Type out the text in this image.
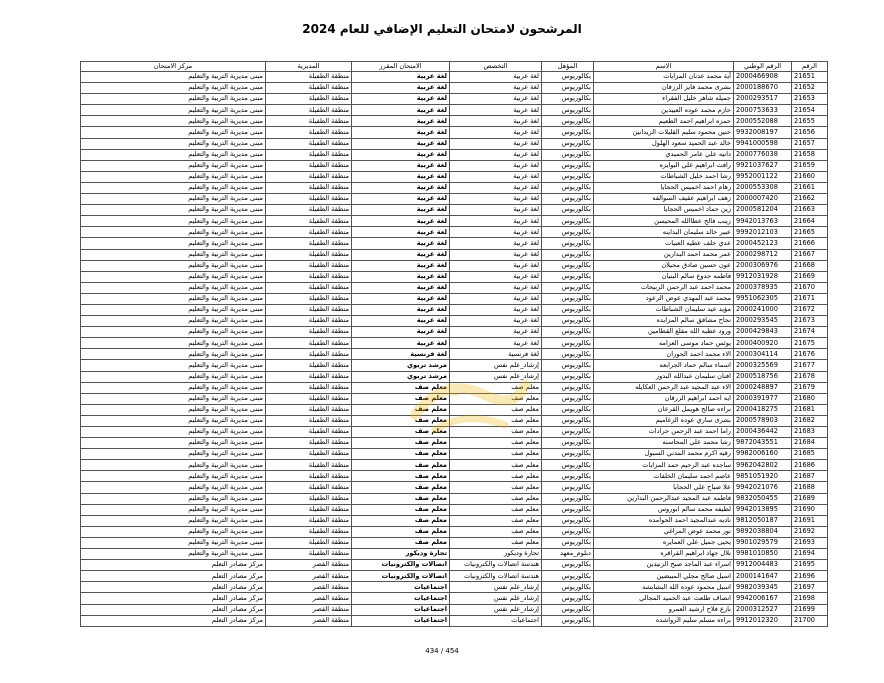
المرشحون لامتحان التعليم الإضافي للعام 2024
الرقم	الرقم الوطني	الاسم	المؤهل	التخصص	الامتحان المقرر	المديرية	مركز الامتحان
21651	2000466908	آية محمد عدنان المزايات	بكالوريوس	لغة عربية	لغة عربية	منطقة الطفيلة	مبنى مديرية التربية والتعليم
21652	2000188670	بشرى محمد فايز الزرقان	بكالوريوس	لغة عربية	لغة عربية	منطقة الطفيلة	مبنى مديرية التربية والتعليم
21653	2000293517	جميله شاهر خليل الفقراء	بكالوريوس	لغة عربية	لغة عربية	منطقة الطفيلة	مبنى مديرية التربية والتعليم
21654	2000753633	حازم محمد عوده العبيدين	بكالوريوس	لغة عربية	لغة عربية	منطقة الطفيلة	مبنى مديرية التربية والتعليم
21655	2000552088	حمزه ابراهيم احمد الطعيم	بكالوريوس	لغة عربية	لغة عربية	منطقة الطفيلة	مبنى مديرية التربية والتعليم
21656	9932008197	حنين محمود سليم القليلات الزيدانين	بكالوريوس	لغة عربية	لغة عربية	منطقة الطفيلة	مبنى مديرية التربية والتعليم
21657	9941000598	خالد عبد الحميد سعود الهلول	بكالوريوس	لغة عربية	لغة عربية	منطقة الطفيلة	مبنى مديرية التربية والتعليم
21658	2000776038	دانيه علي عامر الحميدي	بكالوريوس	لغة عربية	لغة عربية	منطقة الطفيلة	مبنى مديرية التربية والتعليم
21659	9921037627	رافت ابراهيم علي البوايزه	بكالوريوس	لغة عربية	لغة عربية	منطقة الطفيلة	مبنى مديرية التربية والتعليم
21660	9952001122	رشا احمد خليل الشباطات	بكالوريوس	لغة عربية	لغة عربية	منطقة الطفيلة	مبنى مديرية التربية والتعليم
21661	2000553308	رهام احمد اخميس الحجايا	بكالوريوس	لغة عربية	لغة عربية	منطقة الطفيلة	مبنى مديرية التربية والتعليم
21662	2000007420	زهف ابراهيم عقيف السوالقه	بكالوريوس	لغة عربية	لغة عربية	منطقة الطفيلة	مبنى مديرية التربية والتعليم
21663	2000581204	زين حماد اخميس الحجايا	بكالوريوس	لغة عربية	لغة عربية	منطقة الطفيلة	مبنى مديرية التربية والتعليم
21664	9942013763	زينب فالح عطاالله المحيسن	بكالوريوس	لغة عربية	لغة عربية	منطقة الطفيلة	مبنى مديرية التربية والتعليم
21665	9992012103	عبير خالد سليمان البداينه	بكالوريوس	لغة عربية	لغة عربية	منطقة الطفيلة	مبنى مديرية التربية والتعليم
21666	2000452123	عدي خلف عطيه العبيات	بكالوريوس	لغة عربية	لغة عربية	منطقة الطفيلة	مبنى مديرية التربية والتعليم
21667	2000298712	عمر محمد احمد البدارين	بكالوريوس	لغة عربية	لغة عربية	منطقة الطفيلة	مبنى مديرية التربية والتعليم
21668	2000306976	عون حسين صادق محيلان	بكالوريوس	لغة عربية	لغة عربية	منطقة الطفيلة	مبنى مديرية التربية والتعليم
21669	9912031928	فاطمه جدوع سالم البنيان	بكالوريوس	لغة عربية	لغة عربية	منطقة الطفيلة	مبنى مديرية التربية والتعليم
21670	2000378935	محمد احمد عبد الرحمن الربيحات	بكالوريوس	لغة عربية	لغة عربية	منطقة الطفيلة	مبنى مديرية التربية والتعليم
21671	9951062305	محمد عبد المهدي عوض الرعود	بكالوريوس	لغة عربية	لغة عربية	منطقة الطفيلة	مبنى مديرية التربية والتعليم
21672	2000241000	مؤيد عيد سليمان الشباطات	بكالوريوس	لغة عربية	لغة عربية	منطقة الطفيلة	مبنى مديرية التربية والتعليم
21673	2000293545	نجاح مشافق سالم المزايده	بكالوريوس	لغة عربية	لغة عربية	منطقة الطفيلة	مبنى مديرية التربية والتعليم
21674	2000429843	ورود عطيه الله مقلع القطامين	بكالوريوس	لغة عربية	لغة عربية	منطقة الطفيلة	مبنى مديرية التربية والتعليم
21675	2000400920	يوئس حماد موسى العزامه	بكالوريوس	لغة عربية	لغة عربية	منطقة الطفيلة	مبنى مديرية التربية والتعليم
21676	2000304114	الاء محمد احمد الحوران	بكالوريوس	لغة فرنسية	لغة فرنسية	منطقة الطفيلة	مبنى مديرية التربية والتعليم
21677	2000325569	اسماء سالم حماد الجرابعه	بكالوريوس	إرشاد_علم نفس	مرشد تربوي	منطقة الطفيلة	مبنى مديرية التربية والتعليم
21678	2000518756	افنان سليمان عبدالله البدور	بكالوريوس	إرشاد_علم نفس	مرشد تربوي	منطقة الطفيلة	مبنى مديرية التربية والتعليم
21679	2000248897	الاء عبد المجيد عبد الرحمن العكايله	بكالوريوس	معلم صف	معلم صف	منطقة الطفيلة	مبنى مديرية التربية والتعليم
21680	2000391977	ايه احمد ابراهيم الزرقان	بكالوريوس	معلم صف	معلم صف	منطقة الطفيلة	مبنى مديرية التربية والتعليم
21681	2000418275	براءه صالح هويمل القرعان	بكالوريوس	معلم صف	معلم صف	منطقة الطفيلة	مبنى مديرية التربية والتعليم
21682	2000578903	بشرى ساري عوده الزغاميم	بكالوريوس	معلم صف	معلم صف	منطقة الطفيلة	مبنى مديرية التربية والتعليم
21683	2000436442	راما احمد عبد الرحمن جرادات	بكالوريوس	معلم صف	معلم صف	منطقة الطفيلة	مبنى مديرية التربية والتعليم
21684	9872043551	رشا محمد علي المحاسنه	بكالوريوس	معلم صف	معلم صف	منطقة الطفيلة	مبنى مديرية التربية والتعليم
21685	9982006160	رقيه اكرم محمد المدني السبول	بكالوريوس	معلم صف	معلم صف	منطقة الطفيلة	مبنى مديرية التربية والتعليم
21686	9962042802	ساجده عبد الرحيم حمد المزايات	بكالوريوس	معلم صف	معلم صف	منطقة الطفيلة	مبنى مديرية التربية والتعليم
21687	9851051920	عاصم احمد سليمان الخلفات	بكالوريوس	معلم صف	معلم صف	منطقة الطفيلة	مبنى مديرية التربية والتعليم
21688	9942021076	علا صياح علي الحجايا	بكالوريوس	معلم صف	معلم صف	منطقة الطفيلة	مبنى مديرية التربية والتعليم
21689	9832050455	فاطمه عبد المجيد عبدالرحمن البدارين	بكالوريوس	معلم صف	معلم صف	منطقة الطفيلة	مبنى مديرية التربية والتعليم
21690	9942013895	لطيفه محمد سالم ابوروس	بكالوريوس	معلم صف	معلم صف	منطقة الطفيلة	مبنى مديرية التربية والتعليم
21691	9812050187	ناديه عبدالمجيد احمد الحوامده	بكالوريوس	معلم صف	معلم صف	منطقة الطفيلة	مبنى مديرية التربية والتعليم
21692	9892038804	نور محمد عوض المراغي	بكالوريوس	معلم صف	معلم صف	منطقة الطفيلة	مبنى مديرية التربية والتعليم
21693	9901029579	يحيى جميل علي العمايره	بكالوريوس	معلم صف	معلم صف	منطقة الطفيلة	مبنى مديرية التربية والتعليم
21694	9981010850	بلال جهاد ابراهيم القراقره	دبلوم_معهد	تجارة وديكور	تجارة وديكور	منطقة الطفيلة	مبنى مديرية التربية والتعليم
21695	9912004483	اسراء عبد الماجد صبح الزنيدين	بكالوريوس	هندسة اتصالات والكترونيات	اتصالات والكترونيات	منطقة القصر	مركز مصادر التعلم
21696	2000141647	اسيل صالح مجلي المبيضين	بكالوريوس	هندسة اتصالات والكترونيات	اتصالات والكترونيات	منطقة القصر	مركز مصادر التعلم
21697	9982039345	اسيل محمود عوده الله البشابشه	بكالوريوس	إرشاد_علم نفس	اجتماعيات	منطقة القصر	مركز مصادر التعلم
21698	9942006167	انصاف طلعت عبد الحميد المجالي	بكالوريوس	إرشاد_علم نفس	اجتماعيات	منطقة القصر	مركز مصادر التعلم
21699	2000312527	بازع فلاح ارشيد العمرو	بكالوريوس	إرشاد_علم نفس	اجتماعيات	منطقة القصر	مركز مصادر التعلم
21700	9912012320	براءه مسلم سليم الرواشده	بكالوريوس	اجتماعيات	اجتماعيات	منطقة القصر	مركز مصادر التعلم
434 / 454
